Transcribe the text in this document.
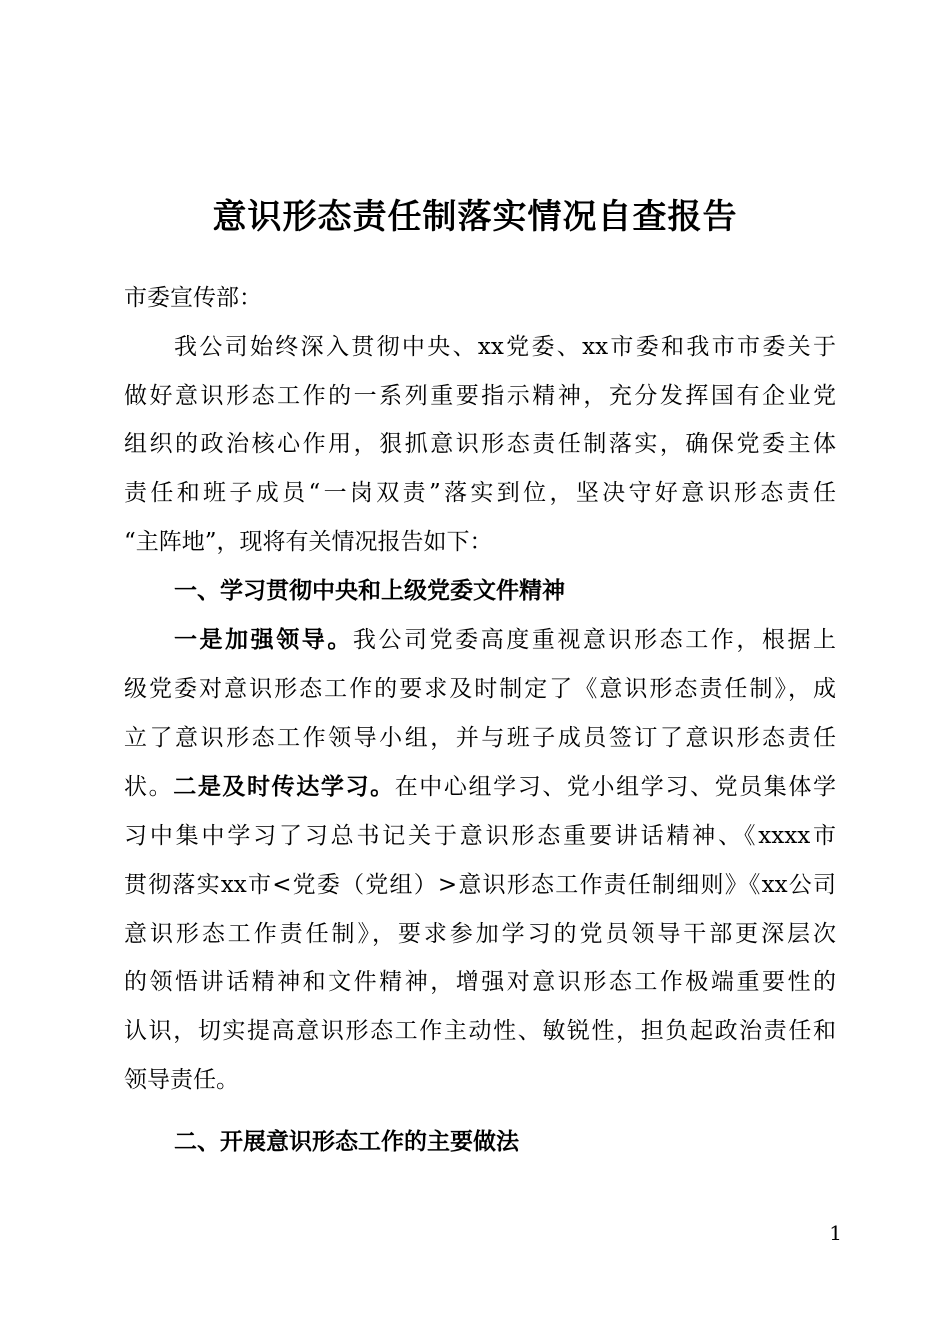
意识形态责任制落实情况自查报告

市委宣传部：

我公司始终深入贯彻中央、xx党委、xx市委和我市市委关于

做好意识形态工作的一系列重要指示精神，充分发挥国有企业党

组织的政治核心作用，狠抓意识形态责任制落实，确保党委主体

责任和班子成员“一岗双责”落实到位，坚决守好意识形态责任

“主阵地”，现将有关情况报告如下：

一、学习贯彻中央和上级党委文件精神

一是加强领导。我公司党委高度重视意识形态工作，根据上

级党委对意识形态工作的要求及时制定了《意识形态责任制》，成

立了意识形态工作领导小组，并与班子成员签订了意识形态责任

状。二是及时传达学习。在中心组学习、党小组学习、党员集体学

习中集中学习了习总书记关于意识形态重要讲话精神、《xxxx市

贯彻落实xx市<党委（党组）>意识形态工作责任制细则》《xx公司

意识形态工作责任制》，要求参加学习的党员领导干部更深层次

的领悟讲话精神和文件精神，增强对意识形态工作极端重要性的

认识，切实提高意识形态工作主动性、敏锐性，担负起政治责任和

领导责任。

二、开展意识形态工作的主要做法

1
